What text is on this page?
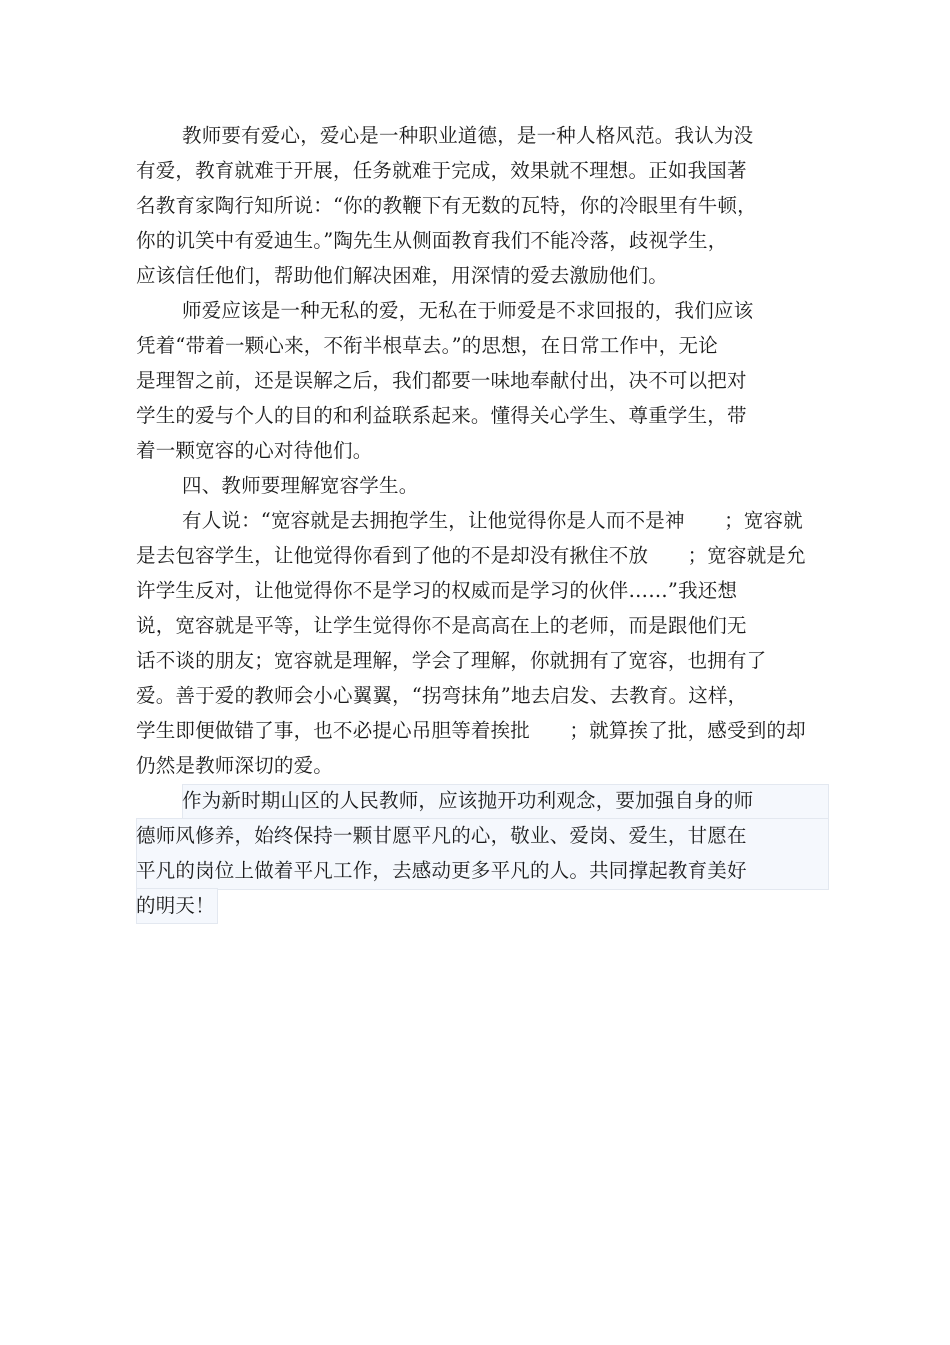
教师要有爱心，爱心是一种职业道德，是一种人格风范。我认为没
有爱，教育就难于开展，任务就难于完成，效果就不理想。正如我国著
名教育家陶行知所说：“你的教鞭下有无数的瓦特，你的冷眼里有牛顿，
你的讥笑中有爱迪生。”陶先生从侧面教育我们不能冷落，歧视学生，
应该信任他们，帮助他们解决困难，用深情的爱去激励他们。
师爱应该是一种无私的爱，无私在于师爱是不求回报的，我们应该
凭着“带着一颗心来，不衔半根草去。”的思想，在日常工作中，无论
是理智之前，还是误解之后，我们都要一味地奉献付出，决不可以把对
学生的爱与个人的目的和利益联系起来。懂得关心学生、尊重学生，带
着一颗宽容的心对待他们。
四、教师要理解宽容学生。
有人说：“宽容就是去拥抱学生，让他觉得你是人而不是神　　；宽容就
是去包容学生，让他觉得你看到了他的不是却没有揪住不放　　；宽容就是允
许学生反对，让他觉得你不是学习的权威而是学习的伙伴……”我还想
说，宽容就是平等，让学生觉得你不是高高在上的老师，而是跟他们无
话不谈的朋友；宽容就是理解，学会了理解，你就拥有了宽容，也拥有了
爱。善于爱的教师会小心翼翼，“拐弯抹角”地去启发、去教育。这样，
学生即便做错了事，也不必提心吊胆等着挨批　　；就算挨了批，感受到的却
仍然是教师深切的爱。
作为新时期山区的人民教师，应该抛开功利观念，要加强自身的师
德师风修养，始终保持一颗甘愿平凡的心，敬业、爱岗、爱生，甘愿在
平凡的岗位上做着平凡工作，去感动更多平凡的人。共同撑起教育美好
的明天！
